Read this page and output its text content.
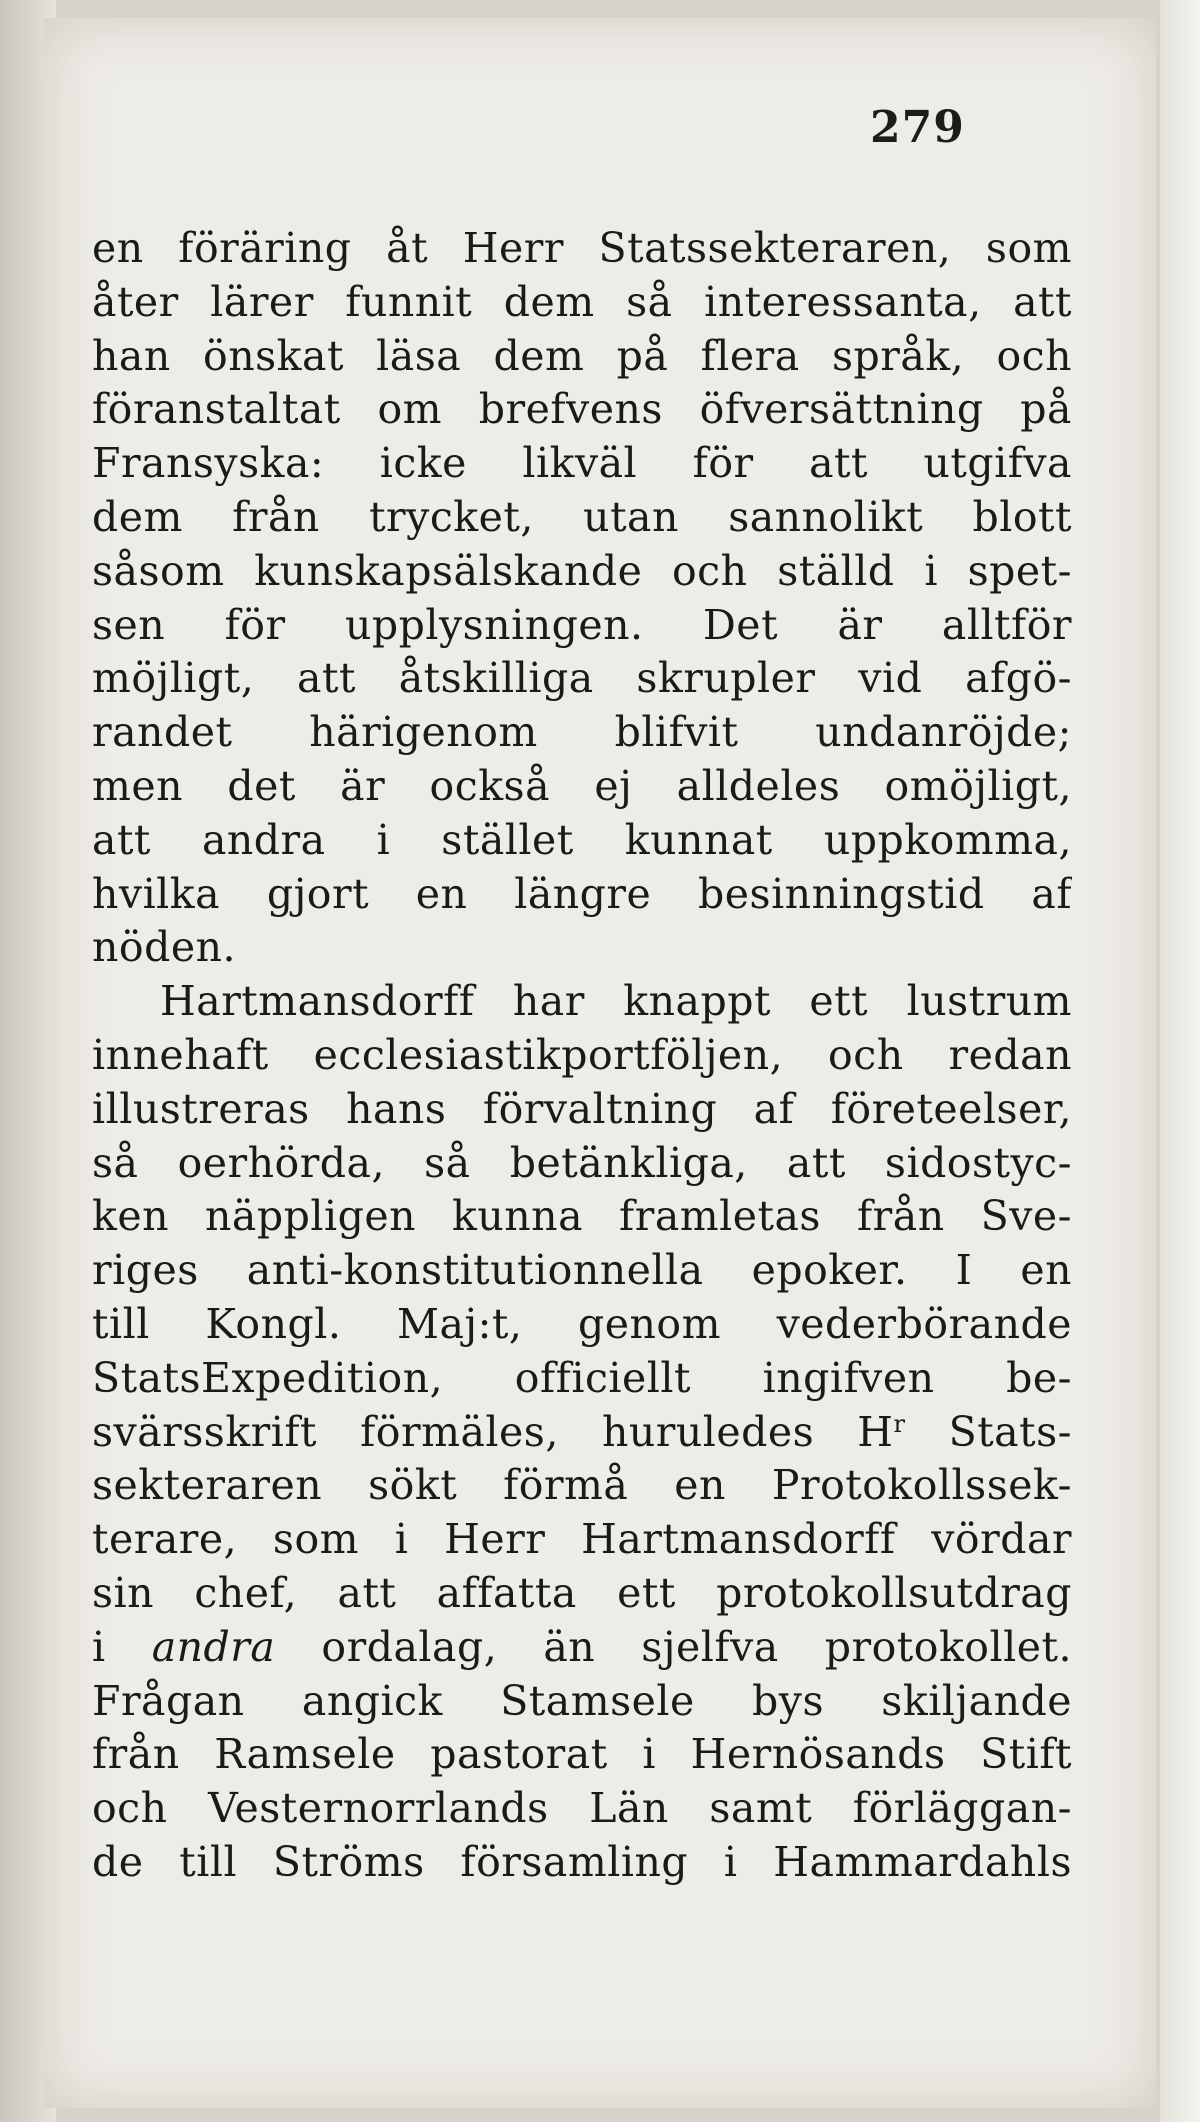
279
en föräring åt Herr Statssekteraren, som
åter lärer funnit dem så interessanta, att
han önskat läsa dem på flera språk, och
föranstaltat om brefvens öfversättning på
Fransyska: icke likväl för att utgifva
dem från trycket, utan sannolikt blott
såsom kunskapsälskande och ställd i spet-
sen för upplysningen. Det är alltför
möjligt, att åtskilliga skrupler vid afgö-
randet härigenom blifvit undanröjde;
men det är också ej alldeles omöjligt,
att andra i stället kunnat uppkomma,
hvilka gjort en längre besinningstid af
nöden.
Hartmansdorff har knappt ett lustrum
innehaft ecclesiastikportföljen, och redan
illustreras hans förvaltning af företeelser,
så oerhörda, så betänkliga, att sidostyc-
ken näppligen kunna framletas från Sve-
riges anti-konstitutionnella epoker. I en
till Kongl. Maj:t, genom vederbörande
StatsExpedition, officiellt ingifven be-
svärsskrift förmäles, huruledes $H^r$ Stats-
sekteraren sökt förmå en Protokollssek-
terare, som i Herr Hartmansdorff vördar
sin chef, att affatta ett protokollsutdrag
i andra ordalag, än sjelfva protokollet.
Frågan angick Stamsele bys skiljande
från Ramsele pastorat i Hernösands Stift
och Vesternorrlands Län samt förläggan-
de till Ströms församling i Hammardahls
